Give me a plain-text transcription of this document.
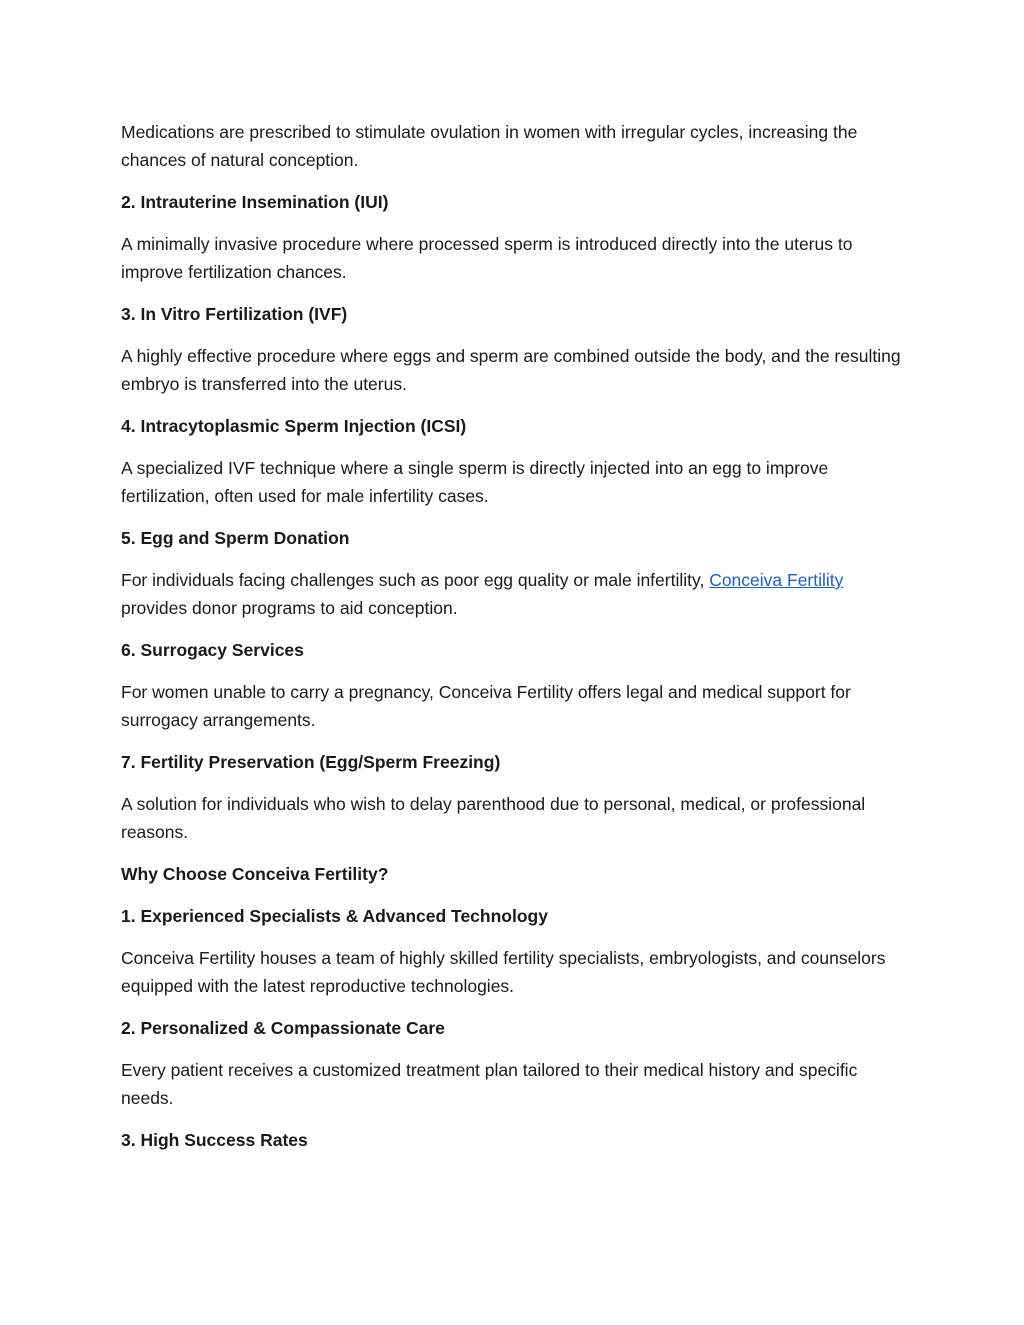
Medications are prescribed to stimulate ovulation in women with irregular cycles, increasing the chances of natural conception.

2. Intrauterine Insemination (IUI)

A minimally invasive procedure where processed sperm is introduced directly into the uterus to improve fertilization chances.

3. In Vitro Fertilization (IVF)

A highly effective procedure where eggs and sperm are combined outside the body, and the resulting embryo is transferred into the uterus.

4. Intracytoplasmic Sperm Injection (ICSI)

A specialized IVF technique where a single sperm is directly injected into an egg to improve fertilization, often used for male infertility cases.

5. Egg and Sperm Donation

For individuals facing challenges such as poor egg quality or male infertility, Conceiva Fertility provides donor programs to aid conception.

6. Surrogacy Services

For women unable to carry a pregnancy, Conceiva Fertility offers legal and medical support for surrogacy arrangements.

7. Fertility Preservation (Egg/Sperm Freezing)

A solution for individuals who wish to delay parenthood due to personal, medical, or professional reasons.

Why Choose Conceiva Fertility?

1. Experienced Specialists & Advanced Technology

Conceiva Fertility houses a team of highly skilled fertility specialists, embryologists, and counselors equipped with the latest reproductive technologies.

2. Personalized & Compassionate Care

Every patient receives a customized treatment plan tailored to their medical history and specific needs.

3. High Success Rates
